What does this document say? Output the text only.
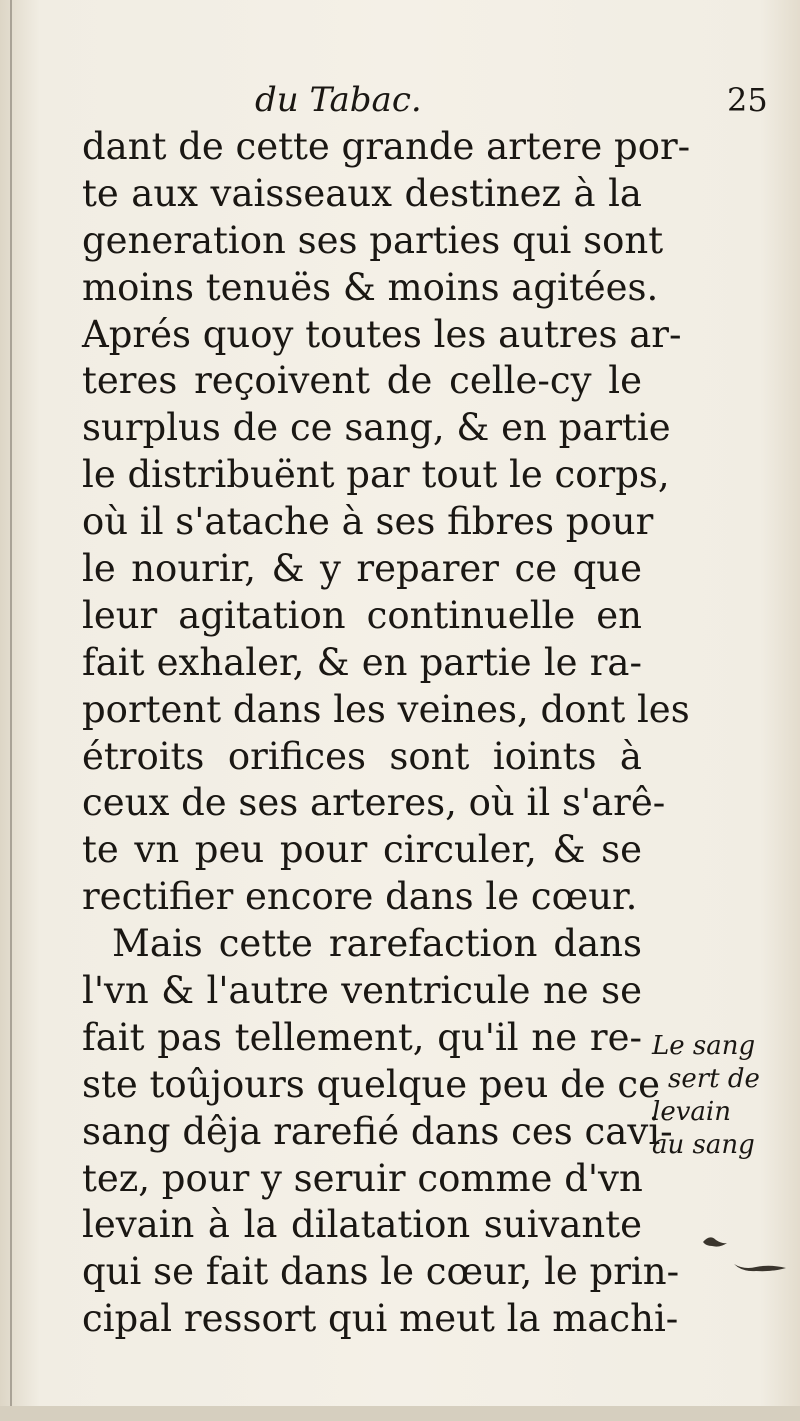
du Tabac.	25
dant de cette grande artere por-
te aux vaisseaux destinez à la
generation ses parties qui sont
moins tenuës & moins agitées.
Aprés quoy toutes les autres ar-
teres reçoivent de celle-cy le
surplus de ce sang, & en partie
le distribuënt par tout le corps,
où il s'atache à ses fibres pour
le nourir, & y reparer ce que
leur agitation continuelle en
fait exhaler, & en partie le ra-
portent dans les veines, dont les
étroits orifices sont ioints à
ceux de ses arteres, où il s'arê-
te vn peu pour circuler, & se
rectifier encore dans le cœur.
Mais cette rarefaction dans
l'vn & l'autre ventricule ne se
fait pas tellement, qu'il ne re-
ste toûjours quelque peu de ce
sang dêja rarefié dans ces cavi-
tez, pour y seruir comme d'vn
levain à la dilatation suivante
qui se fait dans le cœur, le prin-
cipal ressort qui meut la machi-
Le sang
sert de
levain
au sang
